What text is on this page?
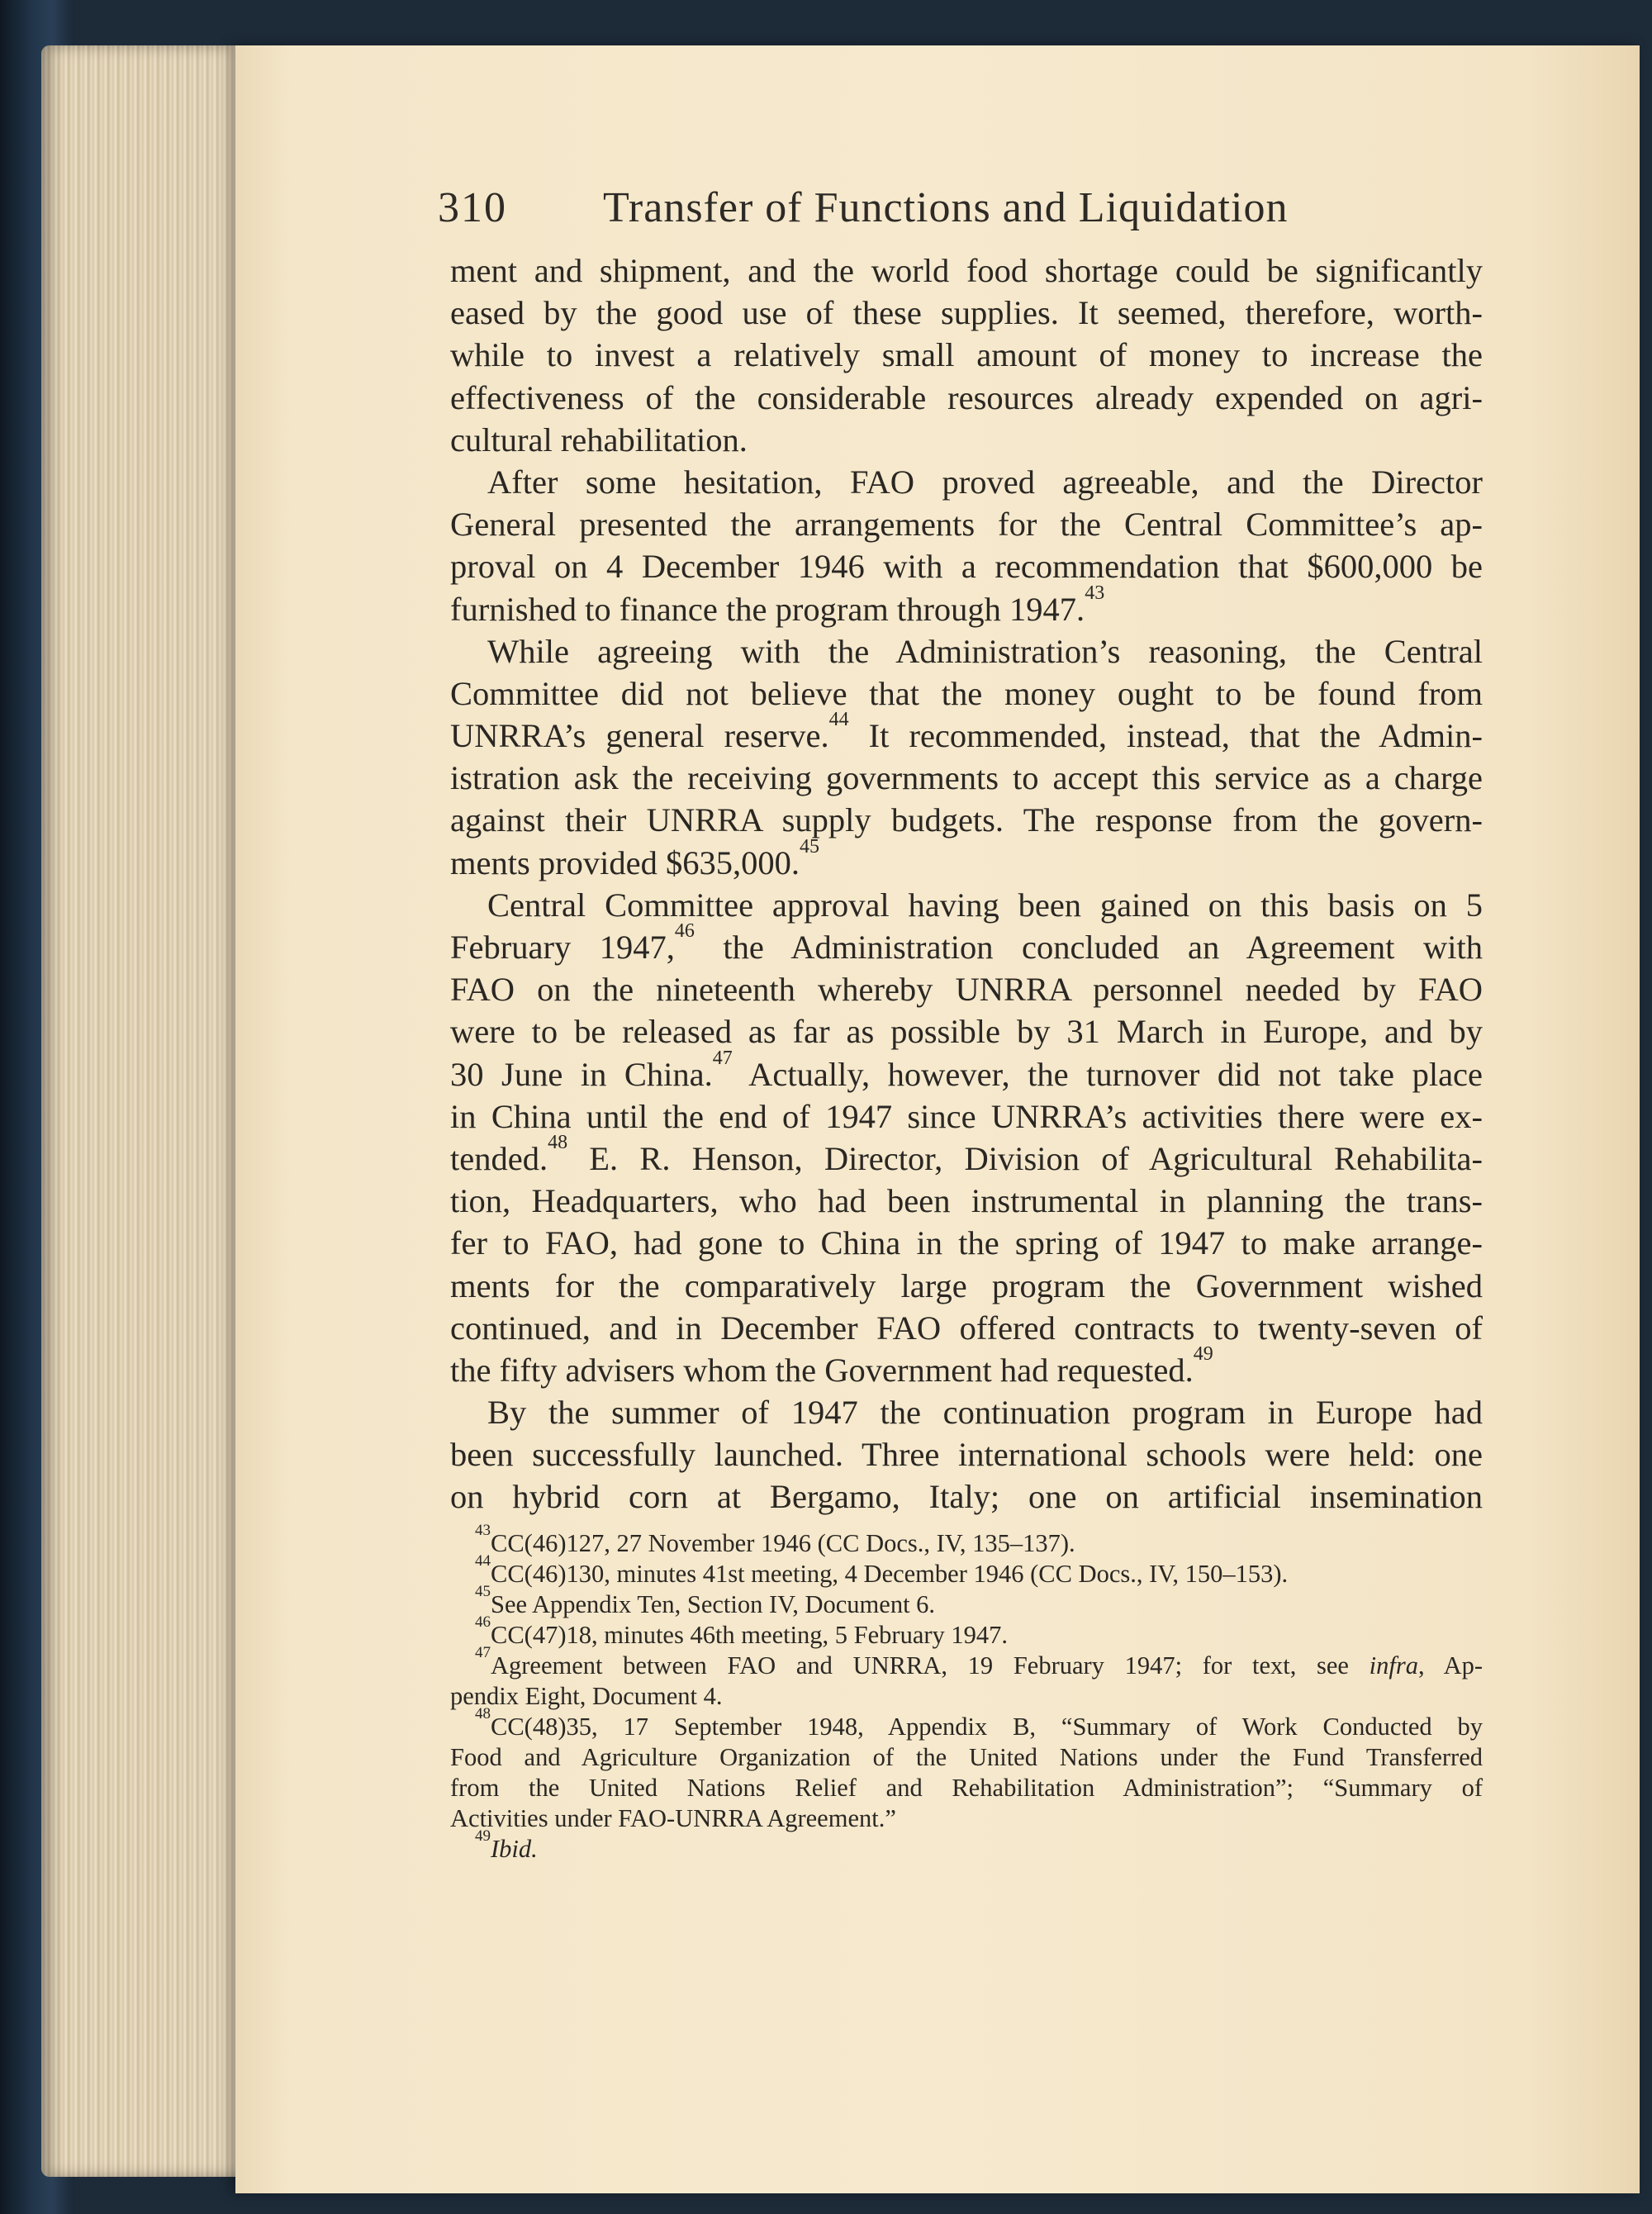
310 Transfer of Functions and Liquidation
ment and shipment, and the world food shortage could be significantly
eased by the good use of these supplies. It seemed, therefore, worth-
while to invest a relatively small amount of money to increase the
effectiveness of the considerable resources already expended on agri-
cultural rehabilitation.
After some hesitation, FAO proved agreeable, and the Director
General presented the arrangements for the Central Committee’s ap-
proval on 4 December 1946 with a recommendation that $600,000 be
furnished to finance the program through 1947.43
While agreeing with the Administration’s reasoning, the Central
Committee did not believe that the money ought to be found from
UNRRA’s general reserve.$^{44}$ It recommended, instead, that the Admin-
istration ask the receiving governments to accept this service as a charge
against their UNRRA supply budgets. The response from the govern-
ments provided $635,000.45
Central Committee approval having been gained on this basis on 5
February 1947,46 the Administration concluded an Agreement with
FAO on the nineteenth whereby UNRRA personnel needed by FAO
were to be released as far as possible by 31 March in Europe, and by
30 June in China.$^{47}$ Actually, however, the turnover did not take place
in China until the end of 1947 since UNRRA’s activities there were ex-
tended.$^{48}$ E. R. Henson, Director, Division of Agricultural Rehabilita-
tion, Headquarters, who had been instrumental in planning the trans-
fer to FAO, had gone to China in the spring of 1947 to make arrange-
ments for the comparatively large program the Government wished
continued, and in December FAO offered contracts to twenty-seven of
the fifty advisers whom the Government had requested.$^{49}$
By the summer of 1947 the continuation program in Europe had
been successfully launched. Three international schools were held: one
on hybrid corn at Bergamo, Italy; one on artificial insemination
$^{43}$CC(46)127, 27 November 1946 (CC Docs., IV, 135–137).
$^{44}$CC(46)130, minutes 41st meeting, 4 December 1946 (CC Docs., IV, 150–153).
$^{45}$See Appendix Ten, Section IV, Document 6.
$^{46}$CC(47)18, minutes 46th meeting, 5 February 1947.
$^{47}$Agreement between FAO and UNRRA, 19 February 1947; for text, see infra, Ap-
pendix Eight, Document 4.
$^{48}$CC(48)35, 17 September 1948, Appendix B, “Summary of Work Conducted by
Food and Agriculture Organization of the United Nations under the Fund Transferred
from the United Nations Relief and Rehabilitation Administration”; “Summary of
Activities under FAO-UNRRA Agreement.”
$^{49}$Ibid.
